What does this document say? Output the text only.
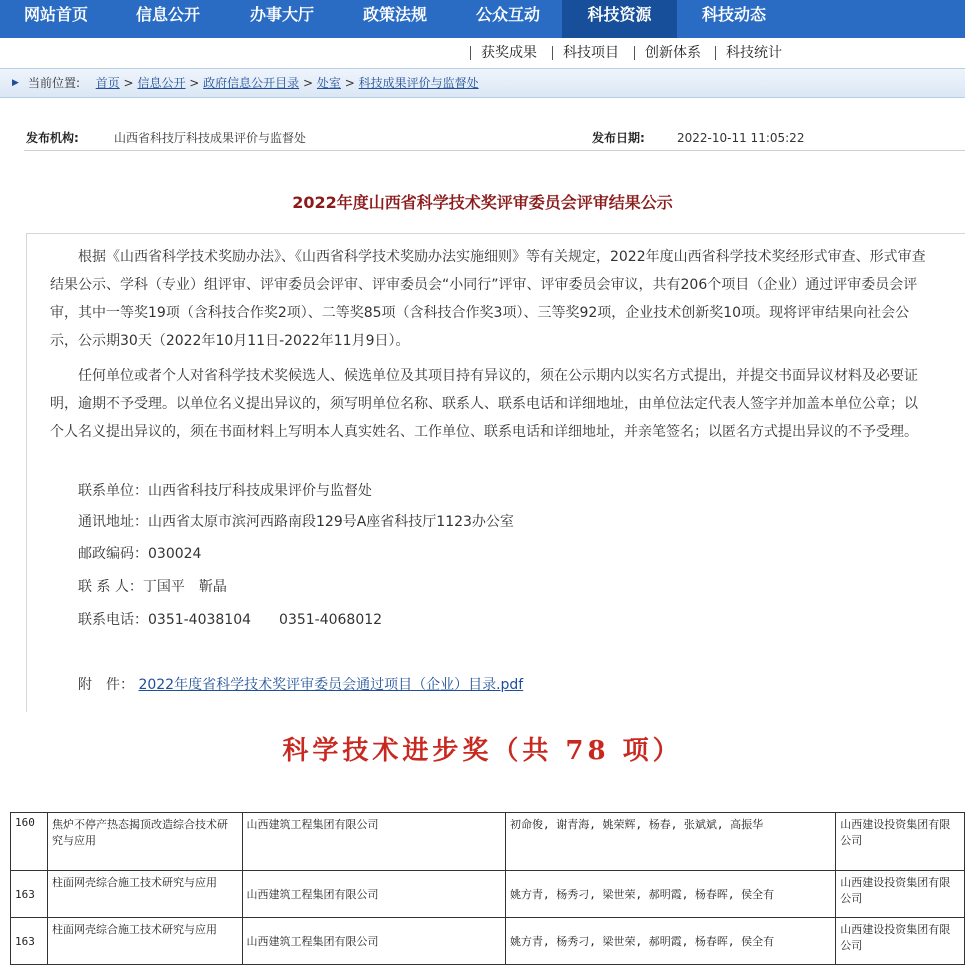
网站首页	信息公开	办事大厅	政策法规	公众互动	科技资源	科技动态
获奖成果 科技项目 创新体系 科技统计
▶ 当前位置: 首页 > 信息公开 > 政府信息公开目录 > 处室 > 科技成果评价与监督处
发布机构:	山西省科技厅科技成果评价与监督处	发布日期:	2022-10-11 11:05:22
2022年度山西省科学技术奖评审委员会评审结果公示
根据《山西省科学技术奖励办法》、《山西省科学技术奖励办法实施细则》等有关规定，2022年度山西省科学技术奖经形式审查、形式审查结果公示、学科（专业）组评审、评审委员会评审、评审委员会“小同行”评审、评审委员会审议，共有206个项目（企业）通过评审委员会评审，其中一等奖19项（含科技合作奖2项）、二等奖85项（含科技合作奖3项）、三等奖92项，企业技术创新奖10项。现将评审结果向社会公示，公示期30天（2022年10月11日-2022年11月9日）。
任何单位或者个人对省科学技术奖候选人、候选单位及其项目持有异议的，须在公示期内以实名方式提出，并提交书面异议材料及必要证明，逾期不予受理。以单位名义提出异议的，须写明单位名称、联系人、联系电话和详细地址，由单位法定代表人签字并加盖本单位公章；以个人名义提出异议的，须在书面材料上写明本人真实姓名、工作单位、联系电话和详细地址，并亲笔签名；以匿名方式提出异议的不予受理。
联系单位：山西省科技厅科技成果评价与监督处
通讯地址：山西省太原市滨河西路南段129号A座省科技厅1123办公室
邮政编码：030024
联 系 人：丁国平　靳晶
联系电话：0351-4038104　　0351-4068012
附　件： 2022年度省科学技术奖评审委员会通过项目（企业）目录.pdf
科学技术进步奖（共 78 项）
160	焦炉不停产热态揭顶改造综合技术研究与应用	山西建筑工程集团有限公司	初命俊, 谢青海, 姚荣辉, 杨春, 张斌斌, 高振华	山西建设投资集团有限公司
163	柱面网壳综合施工技术研究与应用	山西建筑工程集团有限公司	姚方青, 杨秀刁, 梁世荣, 郝明霞, 杨春晖, 侯全有	山西建设投资集团有限公司
163	柱面网壳综合施工技术研究与应用	山西建筑工程集团有限公司	姚方青, 杨秀刁, 梁世荣, 郝明霞, 杨春晖, 侯全有	山西建设投资集团有限公司
